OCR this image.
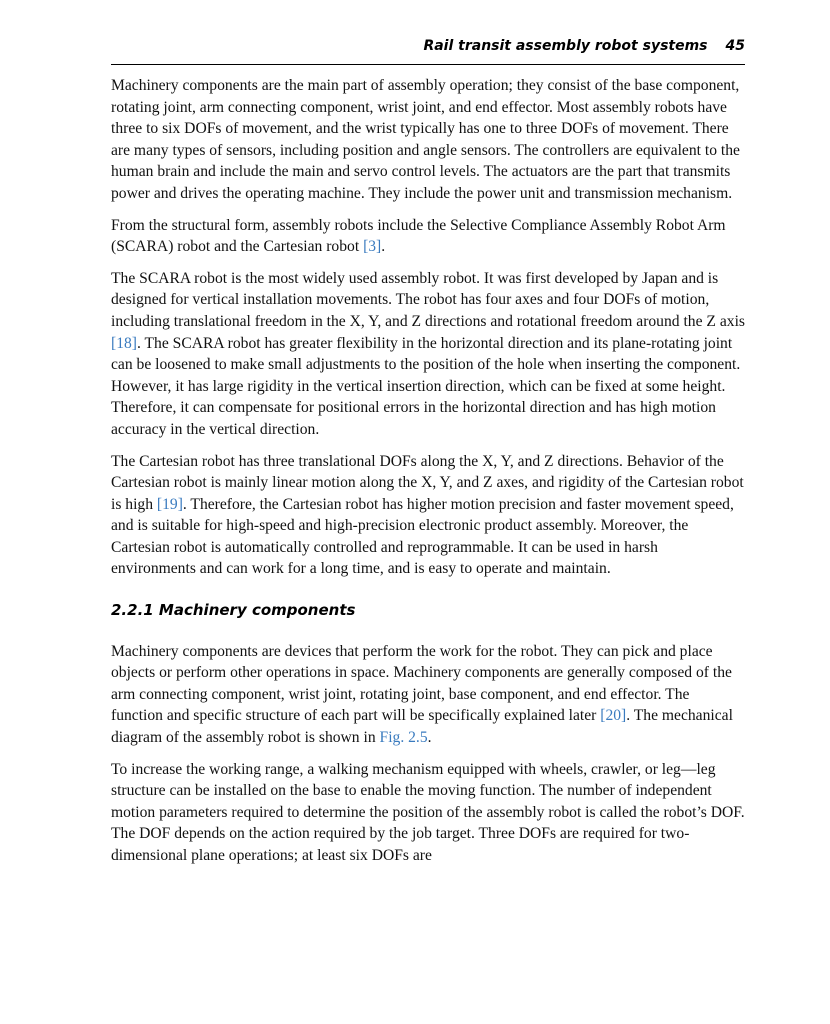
Rail transit assembly robot systems 45

Machinery components are the main part of assembly operation; they consist of the base component, rotating joint, arm connecting component, wrist joint, and end effector. Most assembly robots have three to six DOFs of movement, and the wrist typically has one to three DOFs of movement. There are many types of sensors, including position and angle sensors. The controllers are equivalent to the human brain and include the main and servo control levels. The actuators are the part that transmits power and drives the operating machine. They include the power unit and transmission mechanism.

From the structural form, assembly robots include the Selective Compliance Assembly Robot Arm (SCARA) robot and the Cartesian robot [3].

The SCARA robot is the most widely used assembly robot. It was first developed by Japan and is designed for vertical installation movements. The robot has four axes and four DOFs of motion, including translational freedom in the X, Y, and Z directions and rotational freedom around the Z axis [18]. The SCARA robot has greater flexibility in the horizontal direction and its plane-rotating joint can be loosened to make small adjustments to the position of the hole when inserting the component. However, it has large rigidity in the vertical insertion direction, which can be fixed at some height. Therefore, it can compensate for positional errors in the horizontal direction and has high motion accuracy in the vertical direction.

The Cartesian robot has three translational DOFs along the X, Y, and Z directions. Behavior of the Cartesian robot is mainly linear motion along the X, Y, and Z axes, and rigidity of the Cartesian robot is high [19]. Therefore, the Cartesian robot has higher motion precision and faster movement speed, and is suitable for high-speed and high-precision electronic product assembly. Moreover, the Cartesian robot is automatically controlled and reprogrammable. It can be used in harsh environments and can work for a long time, and is easy to operate and maintain.

2.2.1 Machinery components

Machinery components are devices that perform the work for the robot. They can pick and place objects or perform other operations in space. Machinery components are generally composed of the arm connecting component, wrist joint, rotating joint, base component, and end effector. The function and specific structure of each part will be specifically explained later [20]. The mechanical diagram of the assembly robot is shown in Fig. 2.5.

To increase the working range, a walking mechanism equipped with wheels, crawler, or leg—leg structure can be installed on the base to enable the moving function. The number of independent motion parameters required to determine the position of the assembly robot is called the robot’s DOF. The DOF depends on the action required by the job target. Three DOFs are required for two-dimensional plane operations; at least six DOFs are
